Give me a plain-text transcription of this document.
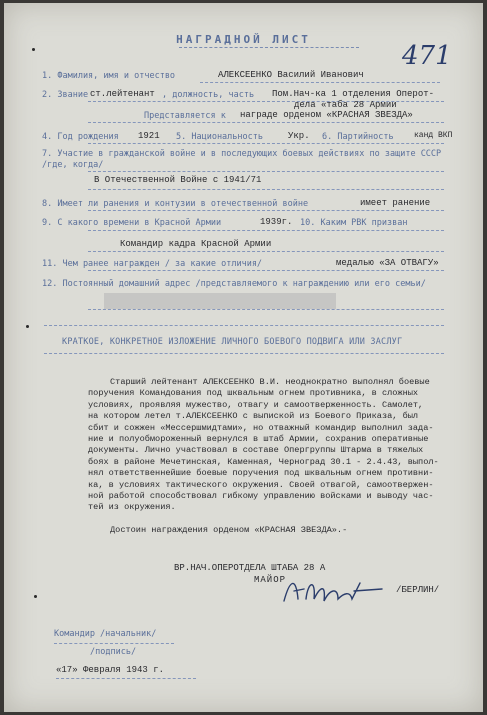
НАГРАДНОЙ ЛИСТ
471
1. Фамилия, имя и отчество	АЛЕКСЕЕНКО Василий Иванович
2. Звание ст.лейтенант , должность, часть Пом.Нач-ка 1 отделения Оперот-
дела «таба 28 Армии
Представляется к награде орденом «КРАСНАЯ ЗВЕЗДА»
4. Год рождения 1921 5. Национальность	Укр. 6. Партийность	канд ВКП
7. Участие в гражданской войне и в последующих боевых действиях по защите СССР /где, когда/
В Отечественной Войне с 1941/71
8. Имеет ли ранения и контузии в отечественной войне	имеет ранение
9. С какого времени в Красной Армии	1939г. 10. Каким РВК призван
Командир кадра Красной Армии
11. Чем ранее награжден / за какие отличия/	медалью «ЗА ОТВАГУ»
12. Постоянный домашний адрес /представляемого к награждению или его семьи/
КРАТКОЕ, КОНКРЕТНОЕ ИЗЛОЖЕНИЕ ЛИЧНОГО БОЕВОГО ПОДВИГА ИЛИ ЗАСЛУГ
Старший лейтенант АЛЕКСЕЕНКО В.И. неоднократно выполнял боевые
поручения Командования под шквальным огнем противника, в сложных
условиях, проявляя мужество, отвагу и самоотверженность. Самолет,
на котором летел т.АЛЕКСЕЕНКО с выпиской из Боевого Приказа, был
сбит и сожжен «Мессершмидтами», но отважный командир выполнил зада-
ние и полуобмороженный вернулся в штаб Армии, сохранив оперативные
документы. Лично участвовал в составе Опергруппы Штарма в тяжелых
боях в районе Мечетинская, Каменная, Черноград 30.1 - 2.4.43, выпол-
нял ответственнейшие боевые поручения под шквальным огнем противни-
ка, в условиях тактического окружения. Своей отвагой, самоотвержен-
ной работой способствовал гибкому управлению войсками и выводу час-
тей из окружения.

Достоин награждения орденом «КРАСНАЯ ЗВЕЗДА».-
ВР.НАЧ.ОПЕРОТДЕЛА ШТАБА 28 А
МАЙОР
/БЕРЛИН/
Командир /начальник/
/подпись/
«17» Февраля 1943 г.
